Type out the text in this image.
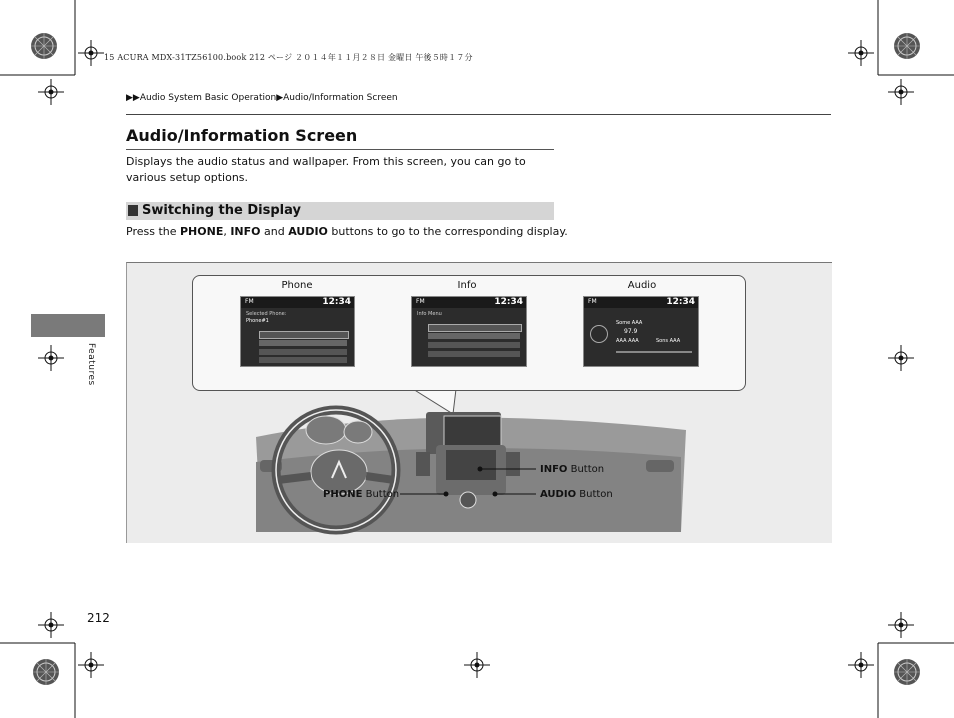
15 ACURA MDX-31TZ56100.book 212 ページ ２０１４年１１月２８日 金曜日 午後５時１７分
▶▶Audio System Basic Operation▶Audio/Information Screen
Audio/Information Screen
Displays the audio status and wallpaper. From this screen, you can go to various setup options.
Switching the Display
Press the PHONE, INFO and AUDIO buttons to go to the corresponding display.
Features
212
Phone	Info	Audio
FM	12:34
Selected Phone:
Phone#1
FM	12:34
Info Menu
FM	12:34
Some AAA
97.9
AAA AAA	Sons AAA
INFO Button
PHONE Button	AUDIO Button
